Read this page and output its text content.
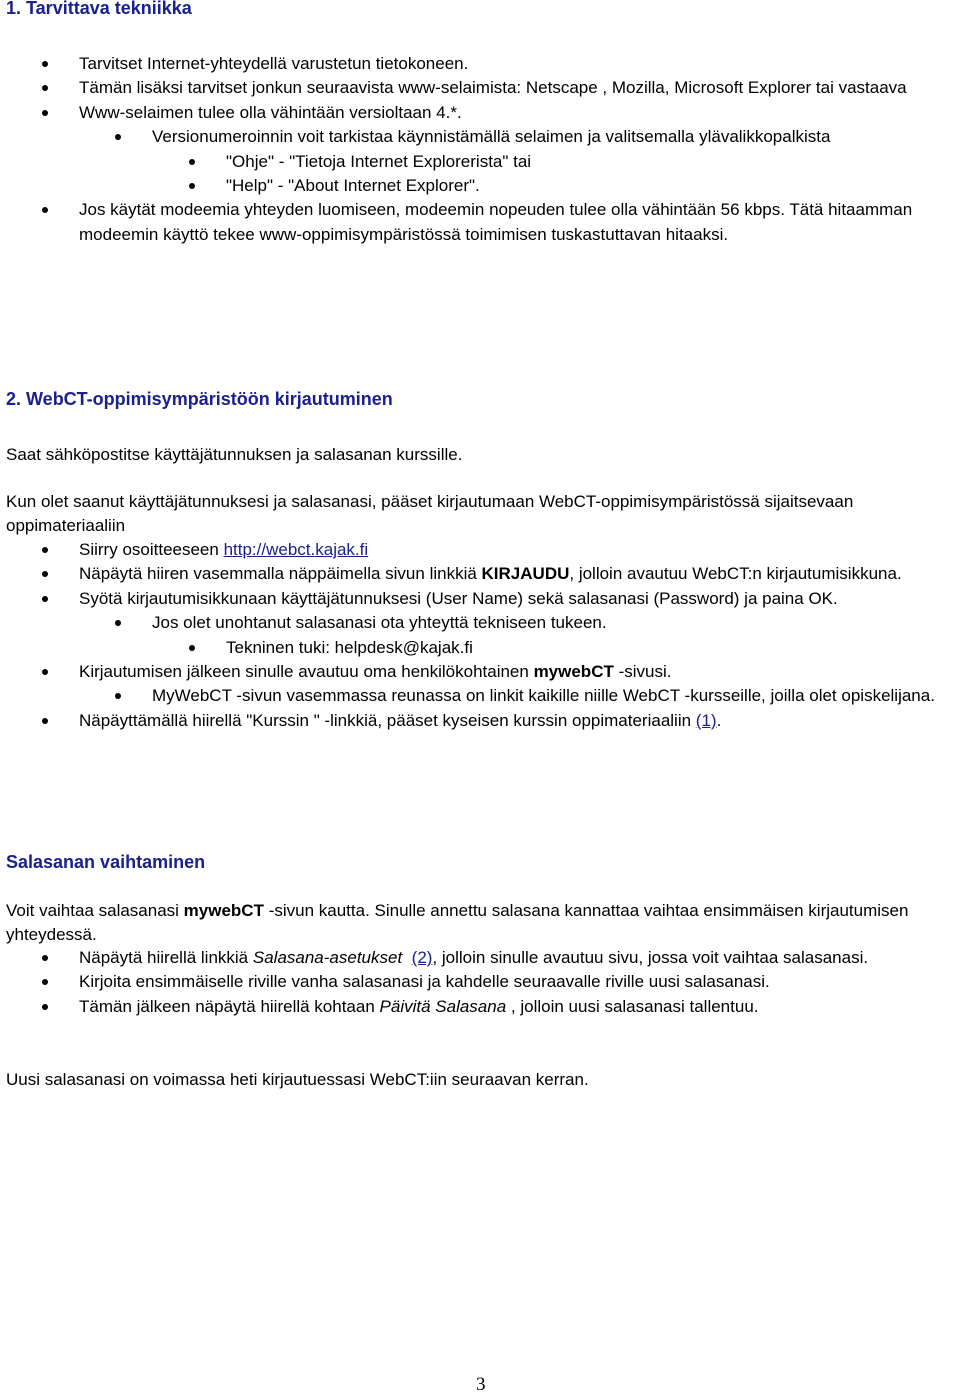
1. Tarvittava tekniikka
Tarvitset Internet-yhteydellä varustetun tietokoneen.
Tämän lisäksi tarvitset jonkun seuraavista www-selaimista: Netscape , Mozilla, Microsoft Explorer tai vastaava
Www-selaimen tulee olla vähintään versioltaan 4.*.
Versionumeroinnin voit tarkistaa käynnistämällä selaimen ja valitsemalla ylävalikkopalkista
"Ohje" - "Tietoja Internet Explorerista" tai
"Help" - "About Internet Explorer".
Jos käytät modeemia yhteyden luomiseen, modeemin nopeuden tulee olla vähintään 56 kbps. Tätä hitaamman modeemin käyttö tekee www-oppimisympäristössä toimimisen tuskastuttavan hitaaksi.
2. WebCT-oppimisympäristöön kirjautuminen

Saat sähköpostitse käyttäjätunnuksen ja salasanan kurssille.

Kun olet saanut käyttäjätunnuksesi ja salasanasi, pääset kirjautumaan WebCT-oppimisympäristössä sijaitsevaan oppimateriaaliin

Siirry osoitteeseen http://webct.kajak.fi
Näpäytä hiiren vasemmalla näppäimella sivun linkkiä KIRJAUDU, jolloin avautuu WebCT:n kirjautumisikkuna.
Syötä kirjautumisikkunaan käyttäjätunnuksesi (User Name) sekä salasanasi (Password) ja paina OK.
Jos olet unohtanut salasanasi ota yhteyttä tekniseen tukeen.
Tekninen tuki: helpdesk@kajak.fi
Kirjautumisen jälkeen sinulle avautuu oma henkilökohtainen mywebCT -sivusi.
MyWebCT -sivun vasemmassa reunassa on linkit kaikille niille WebCT -kursseille, joilla olet opiskelijana.
Näpäyttämällä hiirellä "Kurssin " -linkkiä, pääset kyseisen kurssin oppimateriaaliin (1).
Salasanan vaihtaminen

Voit vaihtaa salasanasi mywebCT -sivun kautta. Sinulle annettu salasana kannattaa vaihtaa ensimmäisen kirjautumisen yhteydessä.

Näpäytä hiirellä linkkiä Salasana-asetukset (2), jolloin sinulle avautuu sivu, jossa voit vaihtaa salasanasi.
Kirjoita ensimmäiselle riville vanha salasanasi ja kahdelle seuraavalle riville uusi salasanasi.
Tämän jälkeen näpäytä hiirellä kohtaan Päivitä Salasana , jolloin uusi salasanasi tallentuu.

Uusi salasanasi on voimassa heti kirjautuessasi WebCT:iin seuraavan kerran.

3
